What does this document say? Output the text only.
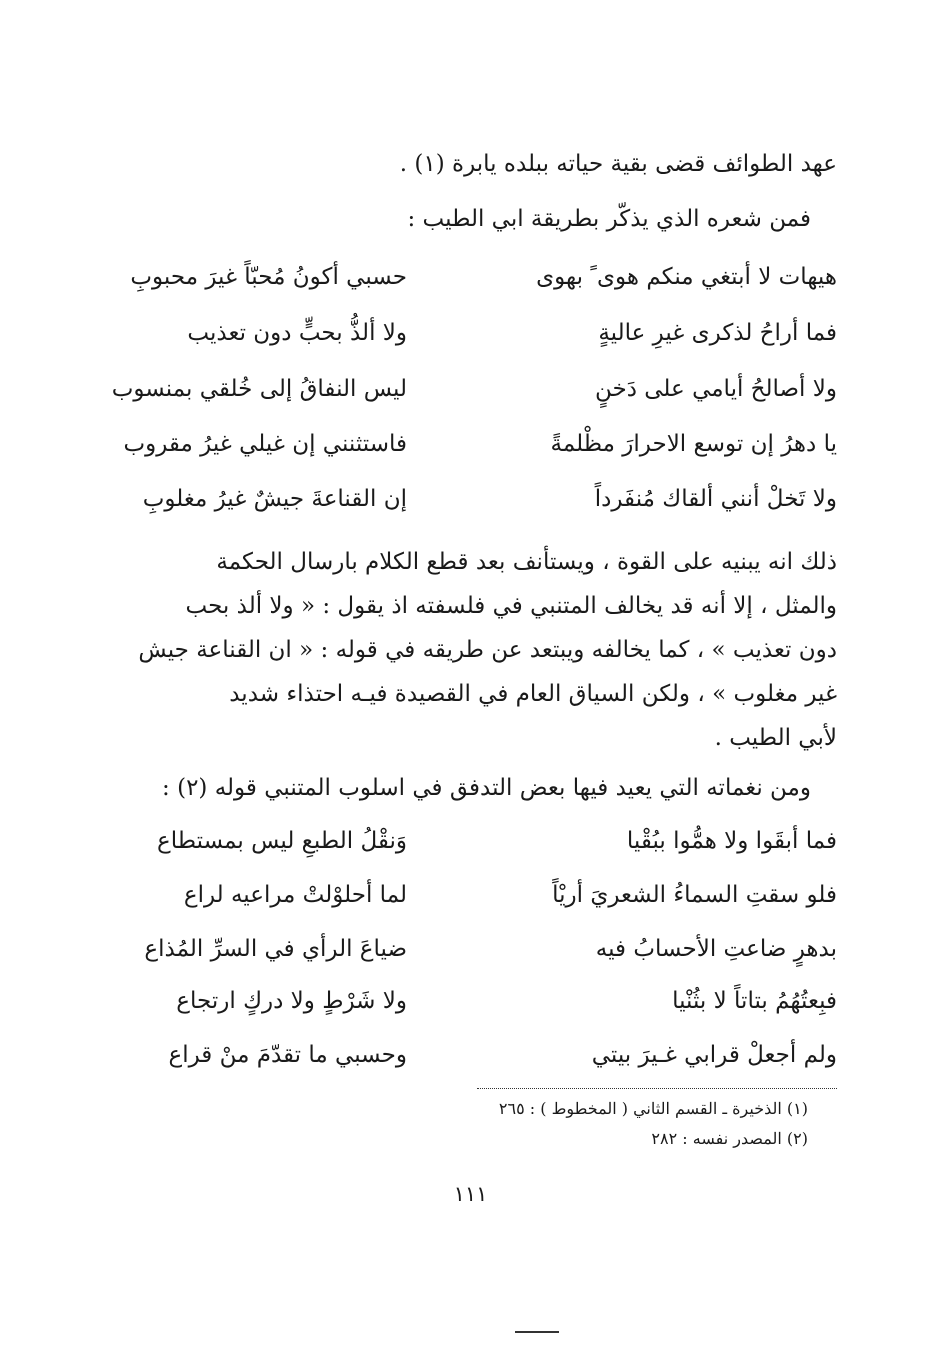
عهد الطوائف قضى بقية حياته ببلده يابرة (١) .
فمن شعره الذي يذكّر بطريقة ابي الطيب :
هيهات لا أبتغي منكم هوى ً بهوى
حسبي أكونُ مُحبّاً غيرَ محبوبِ
فما أراحُ لذكرى غيرِ عاليةٍ
ولا ألذُّ بحبٍّ دون تعذيب
ولا أصالحُ أيامي على دَخنٍ
ليس النفاقُ إلى خُلقي بمنسوب
يا دهرُ إن توسع الاحرارَ مظْلمةً
فاستثنني إن غيلي غيرُ مقروب
ولا تَخلْ أنني ألقاك مُنفَرداً
إن القناعةَ جيشٌ غيرُ مغلوبِ
ذلك انه يبنيه على القوة ، ويستأنف بعد قطع الكلام بارسال الحكمة
والمثل ، إلا أنه قد يخالف المتنبي في فلسفته اذ يقول : « ولا ألذ بحب
دون تعذيب » ، كما يخالفه ويبتعد عن طريقه في قوله : « ان القناعة جيش
غير مغلوب » ، ولكن السياق العام في القصيدة فيـه احتذاء شديد
لأبي الطيب .
ومن نغماته التي يعيد فيها بعض التدفق في اسلوب المتنبي قوله (٢) :
فما أبقَوا ولا همُّوا ببُقْيا
وَنقْلُ الطبعِ ليس بمستطاع
فلو سقتِ السماءُ الشعريَ أريْاً
لما أحلوْلتْ مراعيه لراع
بدهرٍ ضاعتِ الأحسابُ فيه
ضياعَ الرأي في السرِّ المُذاع
فبِعتُهُمُ بتاتاً لا بثُنْيا
ولا شَرْطٍ ولا دركٍ ارتجاع
ولم أجعلْ قرابي غـيرَ بيتي
وحسبي ما تقدّمَ منْ قراع
(١) الذخيرة ـ القسم الثاني ( المخطوط ) : ٢٦٥
(٢) المصدر نفسه : ٢٨٢
١١١
